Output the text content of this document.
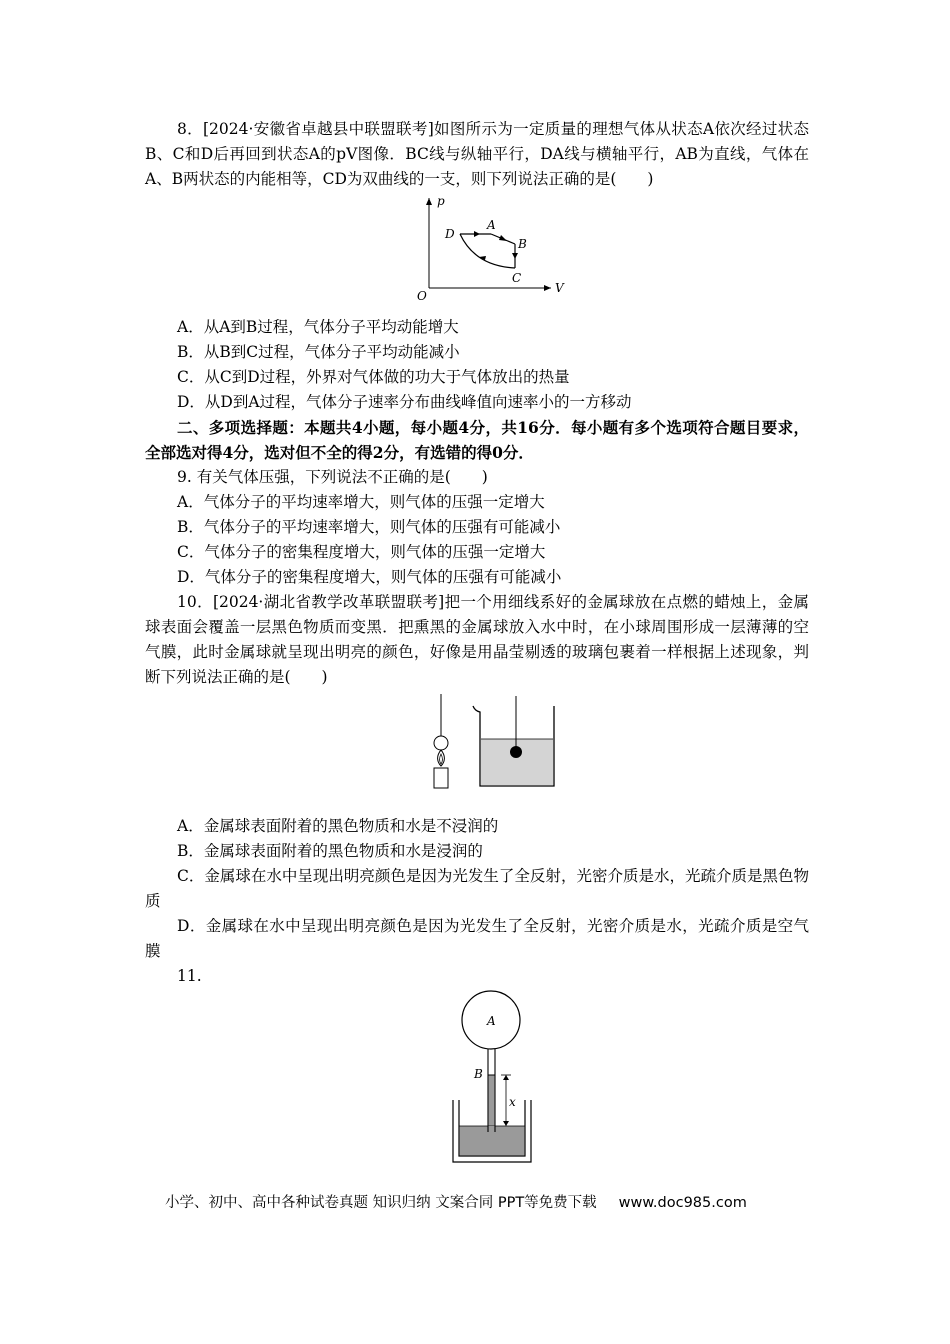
8．[2024·安徽省卓越县中联盟联考]如图所示为一定质量的理想气体从状态A依次经过状态B、C和D后再回到状态A的pV图像．BC线与纵轴平行，DA线与横轴平行，AB为直线，气体在A、B两状态的内能相等，CD为双曲线的一支，则下列说法正确的是(　　)
p
V
O
D
A
B
C
A．从A到B过程，气体分子平均动能增大
B．从B到C过程，气体分子平均动能减小
C．从C到D过程，外界对气体做的功大于气体放出的热量
D．从D到A过程，气体分子速率分布曲线峰值向速率小的一方移动
二、多项选择题：本题共4小题，每小题4分，共16分．每小题有多个选项符合题目要求，全部选对得4分，选对但不全的得2分，有选错的得0分．
9. 有关气体压强，下列说法不正确的是(　　)
A．气体分子的平均速率增大，则气体的压强一定增大
B．气体分子的平均速率增大，则气体的压强有可能减小
C．气体分子的密集程度增大，则气体的压强一定增大
D．气体分子的密集程度增大，则气体的压强有可能减小
10．[2024·湖北省教学改革联盟联考]把一个用细线系好的金属球放在点燃的蜡烛上，金属球表面会覆盖一层黑色物质而变黑．把熏黑的金属球放入水中时，在小球周围形成一层薄薄的空气膜，此时金属球就呈现出明亮的颜色，好像是用晶莹剔透的玻璃包裹着一样根据上述现象，判断下列说法正确的是(　　)
A．金属球表面附着的黑色物质和水是不浸润的
B．金属球表面附着的黑色物质和水是浸润的
C．金属球在水中呈现出明亮颜色是因为光发生了全反射，光密介质是水，光疏介质是黑色物质
D．金属球在水中呈现出明亮颜色是因为光发生了全反射，光密介质是水，光疏介质是空气膜
11.
A
B
x
小学、初中、高中各种试卷真题 知识归纳 文案合同 PPT等免费下载 www.doc985.com
